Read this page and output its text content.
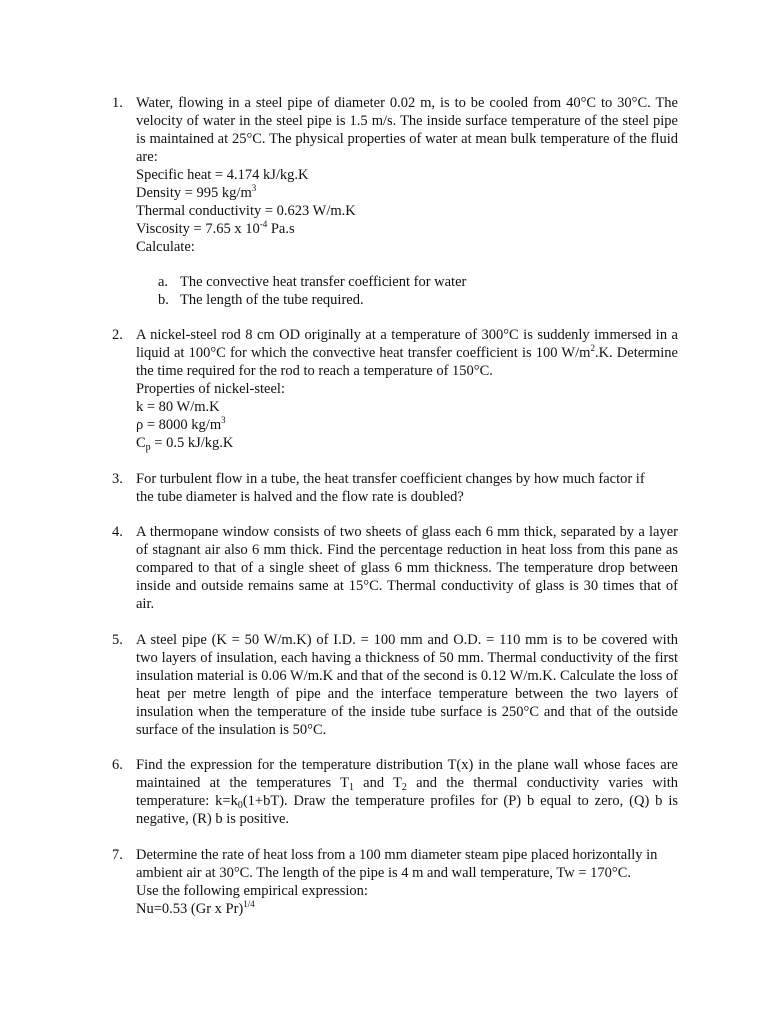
1. Water, flowing in a steel pipe of diameter 0.02 m, is to be cooled from 40°C to 30°C. The velocity of water in the steel pipe is 1.5 m/s. The inside surface temperature of the steel pipe is maintained at 25°C. The physical properties of water at mean bulk temperature of the fluid are:
Specific heat = 4.174 kJ/kg.K
Density = 995 $kg/m^3$
Thermal conductivity = 0.623 W/m.K
Viscosity = 7.65 x $10^{-4}$ Pa.s
Calculate:
a. The convective heat transfer coefficient for water
b. The length of the tube required.
2. A nickel-steel rod 8 cm OD originally at a temperature of 300°C is suddenly immersed in a liquid at 100°C for which the convective heat transfer coefficient is 100 $W/m^2.K$. Determine the time required for the rod to reach a temperature of 150°C.
Properties of nickel-steel:
k = 80 W/m.K
ρ = 8000 $kg/m^3$
$C_p = 0.5$ kJ/kg.K
3. For turbulent flow in a tube, the heat transfer coefficient changes by how much factor if
the tube diameter is halved and the flow rate is doubled?
4. A thermopane window consists of two sheets of glass each 6 mm thick, separated by a layer of stagnant air also 6 mm thick. Find the percentage reduction in heat loss from this pane as compared to that of a single sheet of glass 6 mm thickness. The temperature drop between inside and outside remains same at 15°C. Thermal conductivity of glass is 30 times that of air.
5. A steel pipe (K = 50 W/m.K) of I.D. = 100 mm and O.D. = 110 mm is to be covered with two layers of insulation, each having a thickness of 50 mm. Thermal conductivity of the first insulation material is 0.06 W/m.K and that of the second is 0.12 W/m.K. Calculate the loss of heat per metre length of pipe and the interface temperature between the two layers of insulation when the temperature of the inside tube surface is 250°C and that of the outside surface of the insulation is 50°C.
6. Find the expression for the temperature distribution T(x) in the plane wall whose faces are maintained at the temperatures $T_1$ and $T_2$ and the thermal conductivity varies with temperature: $k=k_0(1+bT)$. Draw the temperature profiles for (P) b equal to zero, (Q) b is negative, (R) b is positive.
7. Determine the rate of heat loss from a 100 mm diameter steam pipe placed horizontally in
ambient air at 30°C. The length of the pipe is 4 m and wall temperature, Tw = 170°C.
Use the following empirical expression:
Nu=0.53 (Gr x Pr)$^{1/4}$
